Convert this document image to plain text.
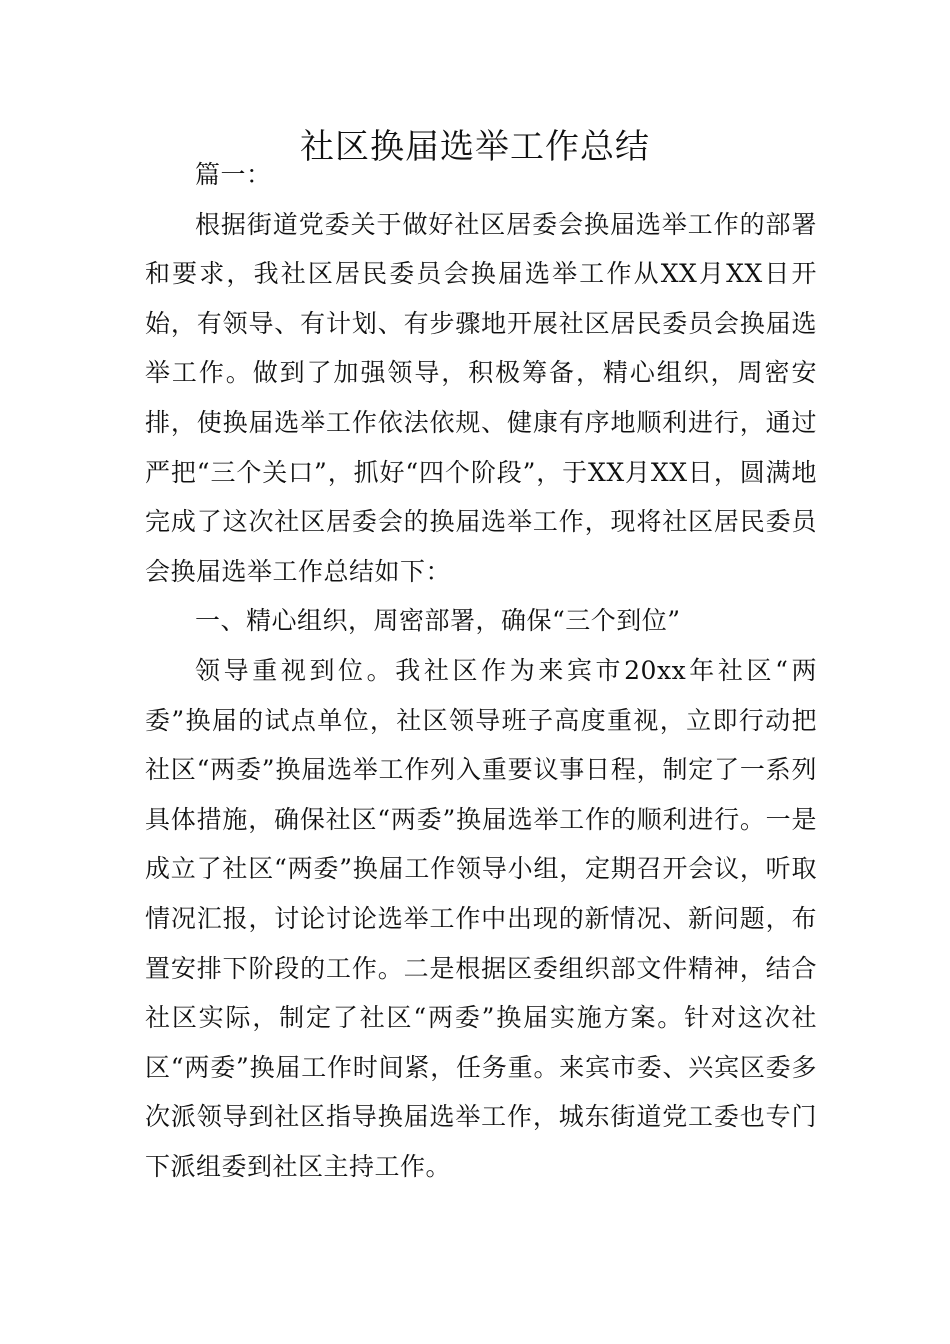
社区换届选举工作总结

篇一：

根据街道党委关于做好社区居委会换届选举工作的部署和要求，我社区居民委员会换届选举工作从XX月XX日开始，有领导、有计划、有步骤地开展社区居民委员会换届选举工作。做到了加强领导，积极筹备，精心组织，周密安排，使换届选举工作依法依规、健康有序地顺利进行，通过严把“三个关口”，抓好“四个阶段”，于XX月XX日，圆满地完成了这次社区居委会的换届选举工作，现将社区居民委员会换届选举工作总结如下：

一、精心组织，周密部署，确保“三个到位”

领导重视到位。我社区作为来宾市20xx年社区“两委”换届的试点单位，社区领导班子高度重视，立即行动把社区“两委”换届选举工作列入重要议事日程，制定了一系列具体措施，确保社区“两委”换届选举工作的顺利进行。一是成立了社区“两委”换届工作领导小组，定期召开会议，听取情况汇报，讨论讨论选举工作中出现的新情况、新问题，布置安排下阶段的工作。二是根据区委组织部文件精神，结合社区实际，制定了社区“两委”换届实施方案。针对这次社区“两委”换届工作时间紧，任务重。来宾市委、兴宾区委多次派领导到社区指导换届选举工作，城东街道党工委也专门下派组委到社区主持工作。
